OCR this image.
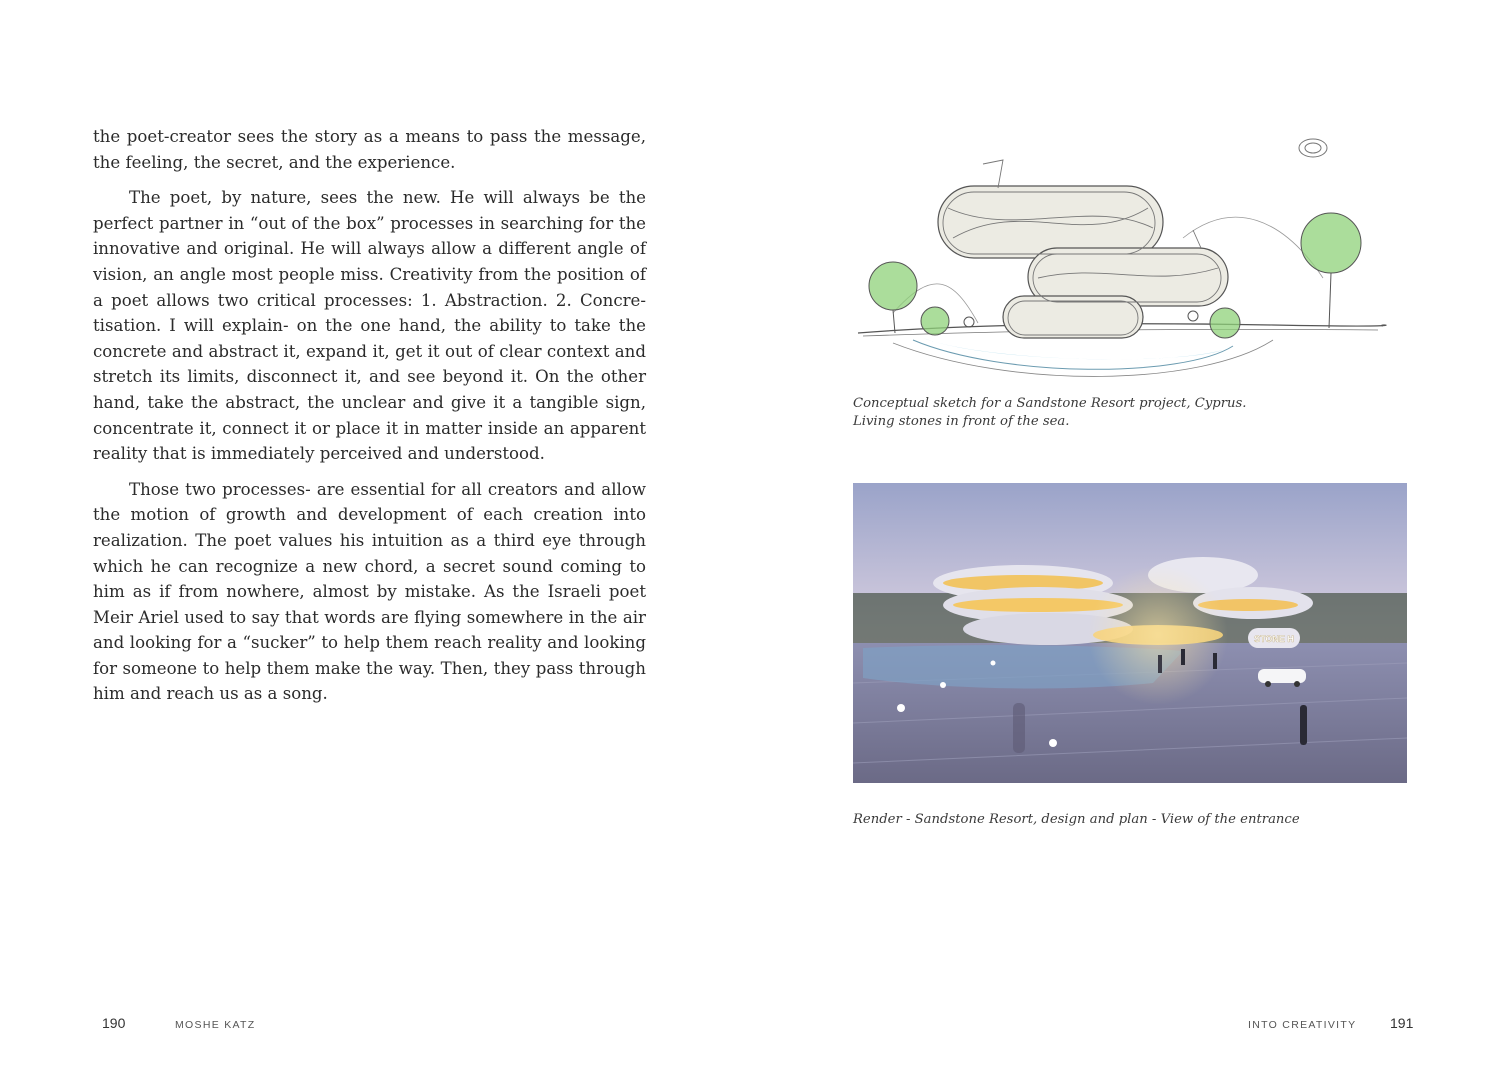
the poet-creator sees the story as a means to pass the message, the feeling, the secret, and the experience.

The poet, by nature, sees the new. He will always be the perfect partner in “out of the box” processes in searching for the innovative and original. He will always allow a different angle of vision, an angle most people miss. Creativity from the position of a poet allows two critical processes: 1. Abstraction. 2. Concre-tisation. I will explain- on the one hand, the ability to take the concrete and abstract it, expand it, get it out of clear context and stretch its limits, disconnect it, and see beyond it. On the other hand, take the abstract, the unclear and give it a tangible sign, concentrate it, connect it or place it in matter inside an apparent reality that is immediately perceived and understood.

Those two processes- are essential for all creators and allow the motion of growth and development of each creation into realization. The poet values his intuition as a third eye through which he can recognize a new chord, a secret sound coming to him as if from nowhere, almost by mistake. As the Israeli poet Meir Ariel used to say that words are flying somewhere in the air and looking for a “sucker” to help them reach reality and looking for someone to help them make the way. Then, they pass through him and reach us as a song.

190	MOSHE KATZ
Conceptual sketch for a Sandstone Resort project, Cyprus.
Living stones in front of the sea.
STONE H
Render - Sandstone Resort, design and plan - View of the entrance
INTO CREATIVITY 191
